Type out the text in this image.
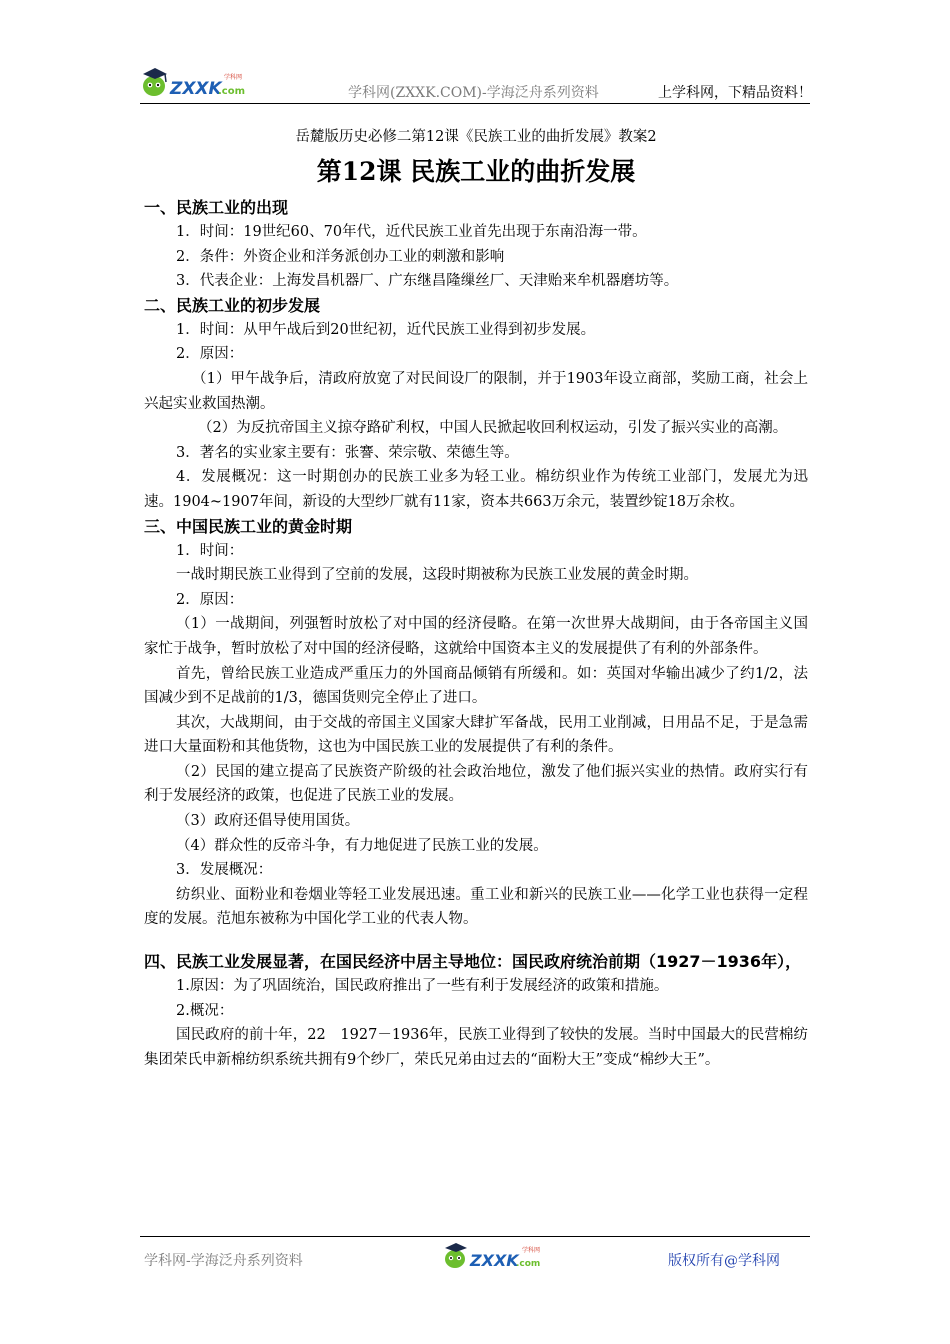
ZXXK
.com
学科网
学科网(ZXXK.COM)-学海泛舟系列资料	上学科网，下精品资料！

岳麓版历史必修二第12课《民族工业的曲折发展》教案2

第12课 民族工业的曲折发展
一、民族工业的出现

1．时间：19世纪60、70年代，近代民族工业首先出现于东南沿海一带。

2．条件：外资企业和洋务派创办工业的刺激和影响

3．代表企业：上海发昌机器厂、广东继昌隆缫丝厂、天津贻来牟机器磨坊等。

二、民族工业的初步发展

1．时间：从甲午战后到20世纪初，近代民族工业得到初步发展。

2．原因：

（1）甲午战争后，清政府放宽了对民间设厂的限制，并于1903年设立商部，奖励工商，社会上兴起实业救国热潮。

（2）为反抗帝国主义掠夺路矿利权，中国人民掀起收回利权运动，引发了振兴实业的高潮。

3．著名的实业家主要有：张謇、荣宗敬、荣德生等。

4．发展概况：这一时期创办的民族工业多为轻工业。棉纺织业作为传统工业部门，发展尤为迅速。1904~1907年间，新设的大型纱厂就有11家，资本共663万余元，装置纱锭18万余枚。

三、中国民族工业的黄金时期

1．时间：

一战时期民族工业得到了空前的发展，这段时期被称为民族工业发展的黄金时期。

2．原因：

（1）一战期间，列强暂时放松了对中国的经济侵略。在第一次世界大战期间，由于各帝国主义国家忙于战争，暂时放松了对中国的经济侵略，这就给中国资本主义的发展提供了有利的外部条件。

首先，曾给民族工业造成严重压力的外国商品倾销有所缓和。如：英国对华输出减少了约1/2，法国减少到不足战前的1/3，德国货则完全停止了进口。

其次，大战期间，由于交战的帝国主义国家大肆扩军备战，民用工业削减，日用品不足，于是急需进口大量面粉和其他货物，这也为中国民族工业的发展提供了有利的条件。

（2）民国的建立提高了民族资产阶级的社会政治地位，激发了他们振兴实业的热情。政府实行有利于发展经济的政策，也促进了民族工业的发展。

（3）政府还倡导使用国货。

（4）群众性的反帝斗争，有力地促进了民族工业的发展。

3．发展概况：

纺织业、面粉业和卷烟业等轻工业发展迅速。重工业和新兴的民族工业——化学工业也获得一定程度的发展。范旭东被称为中国化学工业的代表人物。

四、民族工业发展显著，在国民经济中居主导地位：国民政府统治前期（1927－1936年），

1.原因：为了巩固统治，国民政府推出了一些有利于发展经济的政策和措施。

2.概况：

国民政府的前十年，22　1927－1936年，民族工业得到了较快的发展。当时中国最大的民营棉纺集团荣氏申新棉纺织系统共拥有9个纱厂，荣氏兄弟由过去的“面粉大王”变成“棉纱大王”。

学科网-学海泛舟系列资料	ZXXK
.com
学科网
版权所有@学科网
